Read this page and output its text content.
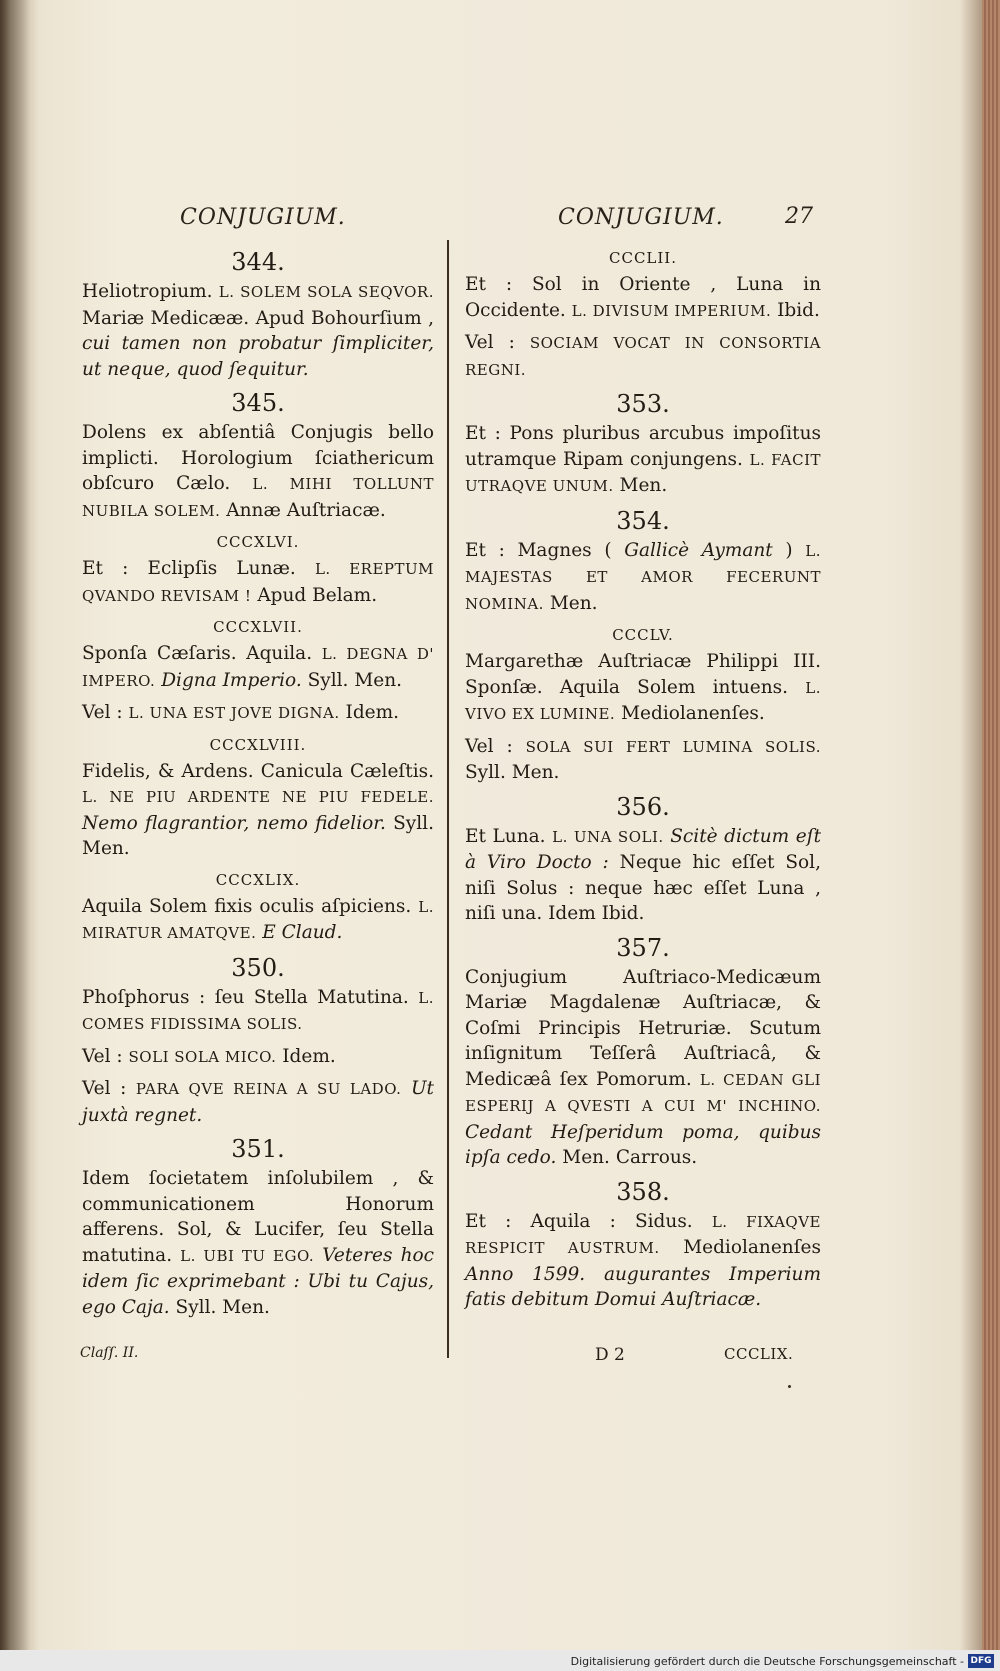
CONJUGIUM.	CONJUGIUM.	27
344.
Heliotropium. L. SOLEM SOLA SEQVOR. Mariæ Medicææ. Apud Bohourſium , cui tamen non probatur ſimpliciter, ut neque, quod ſequitur.
345.
Dolens ex abſentiâ Conjugis bello implicti. Horologium ſciathericum obſcuro Cælo. L. MIHI TOLLUNT NUBILA SOLEM. Annæ Auſtriacæ.
CCCXLVI.
Et : Eclipſis Lunæ. L. EREPTUM QVANDO REVISAM ! Apud Belam.
CCCXLVII.
Sponſa Cæſaris. Aquila. L. DEGNA D' IMPERO. Digna Imperio. Syll. Men.
Vel : L. UNA EST JOVE DIGNA. Idem.
CCCXLVIII.
Fidelis, & Ardens. Canicula Cæleſtis. L. NE PIU ARDENTE NE PIU FEDELE. Nemo flagrantior, nemo fidelior. Syll. Men.
CCCXLIX.
Aquila Solem fixis oculis aſpiciens. L. MIRATUR AMATQVE. E Claud.
350.
Phoſphorus : ſeu Stella Matutina. L. COMES FIDISSIMA SOLIS.
Vel : SOLI SOLA MICO. Idem.
Vel : PARA QVE REINA A SU LADO. Ut juxtà regnet.
351.
Idem ſocietatem inſolubilem , & communicationem Honorum afferens. Sol, & Lucifer, ſeu Stella matutina. L. UBI TU EGO. Veteres hoc idem ſic exprimebant : Ubi tu Cajus, ego Caja. Syll. Men.
CCCLII.
Et : Sol in Oriente , Luna in Occidente. L. DIVISUM IMPERIUM. Ibid.
Vel : SOCIAM VOCAT IN CONSORTIA REGNI.
353.
Et : Pons pluribus arcubus impoſitus utramque Ripam conjungens. L. FACIT UTRAQVE UNUM. Men.
354.
Et : Magnes ( Gallicè Aymant ) L. MAJESTAS ET AMOR FECERUNT NOMINA. Men.
CCCLV.
Margarethæ Auſtriacæ Philippi III. Sponſæ. Aquila Solem intuens. L. VIVO EX LUMINE. Mediolanenſes.
Vel : SOLA SUI FERT LUMINA SOLIS. Syll. Men.
356.
Et Luna. L. UNA SOLI. Scitè dictum eſt à Viro Docto : Neque hic eſſet Sol, niſi Solus : neque hæc eſſet Luna , niſi una. Idem Ibid.
357.
Conjugium Auſtriaco-Medicæum Mariæ Magdalenæ Auſtriacæ, & Coſmi Principis Hetruriæ. Scutum inſignitum Teſſerâ Auſtriacâ, & Medicæâ ſex Pomorum. L. CEDAN GLI ESPERIJ A QVESTI A CUI M' INCHINO. Cedant Heſperidum poma, quibus ipſa cedo. Men. Carrous.
358.
Et : Aquila : Sidus. L. FIXAQVE RESPICIT AUSTRUM. Mediolanenſes Anno 1599. augurantes Imperium fatis debitum Domui Auſtriacæ.
Claſſ. II.	D 2	CCCLIX.
Digitalisierung gefördert durch die Deutsche Forschungsgemeinschaft - DFG
